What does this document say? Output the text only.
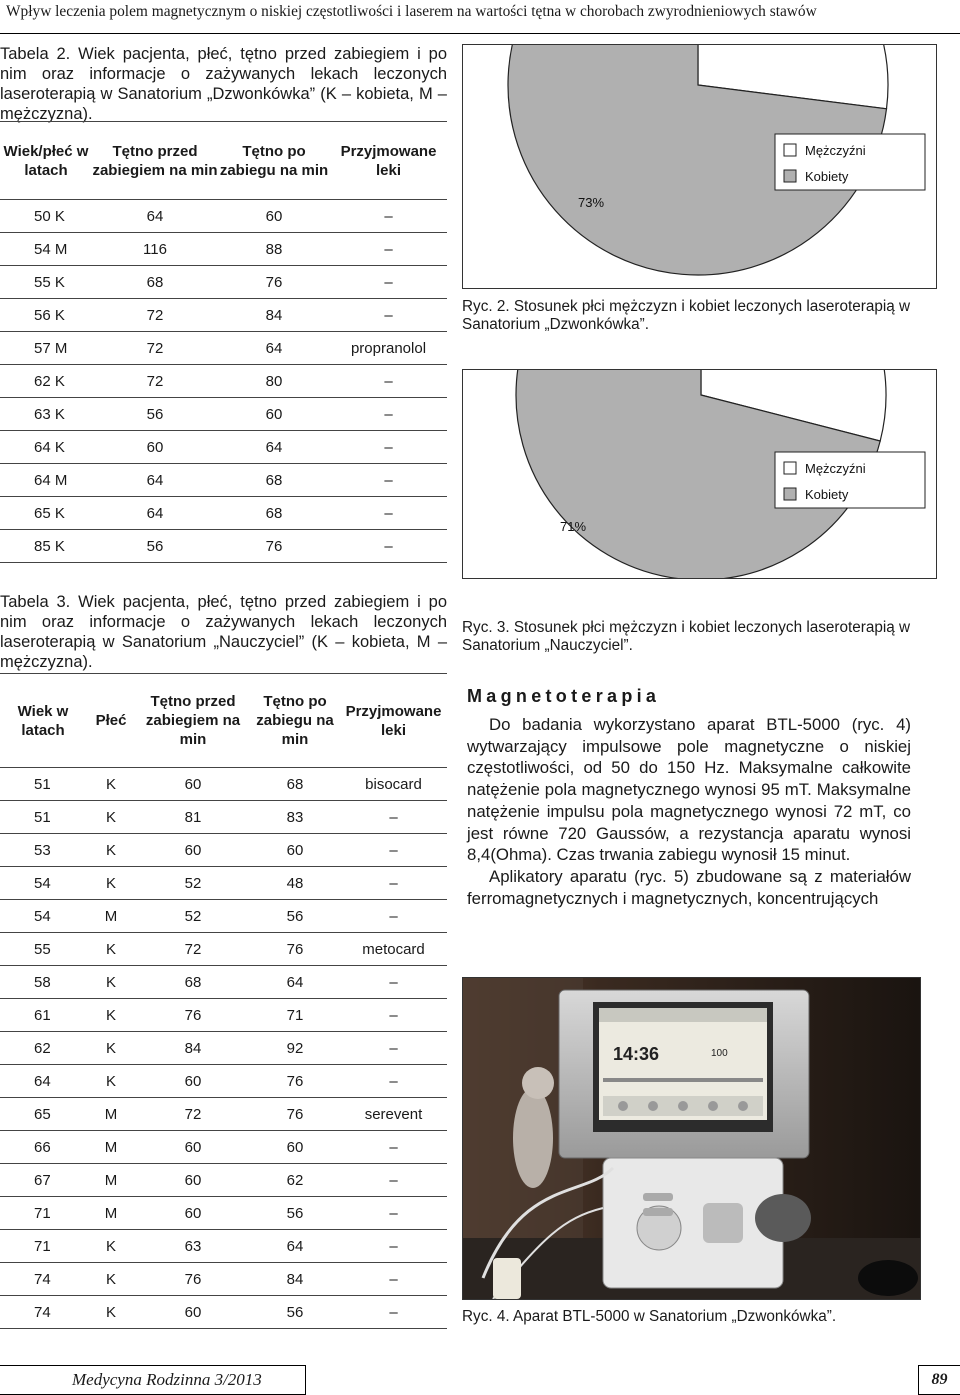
Wpływ leczenia polem magnetycznym o niskiej częstotliwości i laserem na wartości tętna w chorobach zwyrodnieniowych stawów
Tabela 2. Wiek pacjenta, płeć, tętno przed zabiegiem i po nim oraz informacje o zażywanych lekach leczonych laseroterapią w Sanatorium „Dzwonkówka” (K – kobieta, M – mężczyzna).
Wiek/płeć w latach	Tętno przed zabiegiem na min	Tętno po zabiegu na min	Przyjmowane leki
50 K	64	60	–
54 M	116	88	–
55 K	68	76	–
56 K	72	84	–
57 M	72	64	propranolol
62 K	72	80	–
63 K	56	60	–
64 K	60	64	–
64 M	64	68	–
65 K	64	68	–
85 K	56	76	–
Tabela 3. Wiek pacjenta, płeć, tętno przed zabiegiem i po nim oraz informacje o zażywanych lekach leczonych laseroterapią w Sanatorium „Nauczyciel” (K – kobieta, M – mężczyzna).
Wiek w latach	Płeć	Tętno przed zabiegiem na min	Tętno po zabiegu na min	Przyjmowane leki
51	K	60	68	bisocard
51	K	81	83	–
53	K	60	60	–
54	K	52	48	–
54	M	52	56	–
55	K	72	76	metocard
58	K	68	64	–
61	K	76	71	–
62	K	84	92	–
64	K	60	76	–
65	M	72	76	serevent
66	M	60	60	–
67	M	60	62	–
71	M	60	56	–
71	K	63	64	–
74	K	76	84	–
74	K	60	56	–
73%
Mężczyźni
Kobiety
Ryc. 2. Stosunek płci mężczyzn i kobiet leczonych laseroterapią w Sanatorium „Dzwonkówka”.
71%
Mężczyźni
Kobiety
Ryc. 3. Stosunek płci mężczyzn i kobiet leczonych laseroterapią w Sanatorium „Nauczyciel”.
Magnetoterapia

Do badania wykorzystano aparat BTL-5000 (ryc. 4) wytwarzający impulsowe pole magnetyczne o niskiej częstotliwości, od 50 do 150 Hz. Maksymalne całkowite natężenie pola magnetycznego wynosi 95 mT. Maksymalne natężenie impulsu pola magnetycznego wynosi 72 mT, co jest równe 720 Gaussów, a rezystancja aparatu wynosi 8,4(Ohma). Czas trwania zabiegu wynosił 15 minut.

Aplikatory aparatu (ryc. 5) zbudowane są z materiałów ferromagnetycznych i magnetycznych, koncentrujących

14:36	100
Ryc. 4. Aparat BTL-5000 w Sanatorium „Dzwonkówka”.
Medycyna Rodzinna 3/2013	89
